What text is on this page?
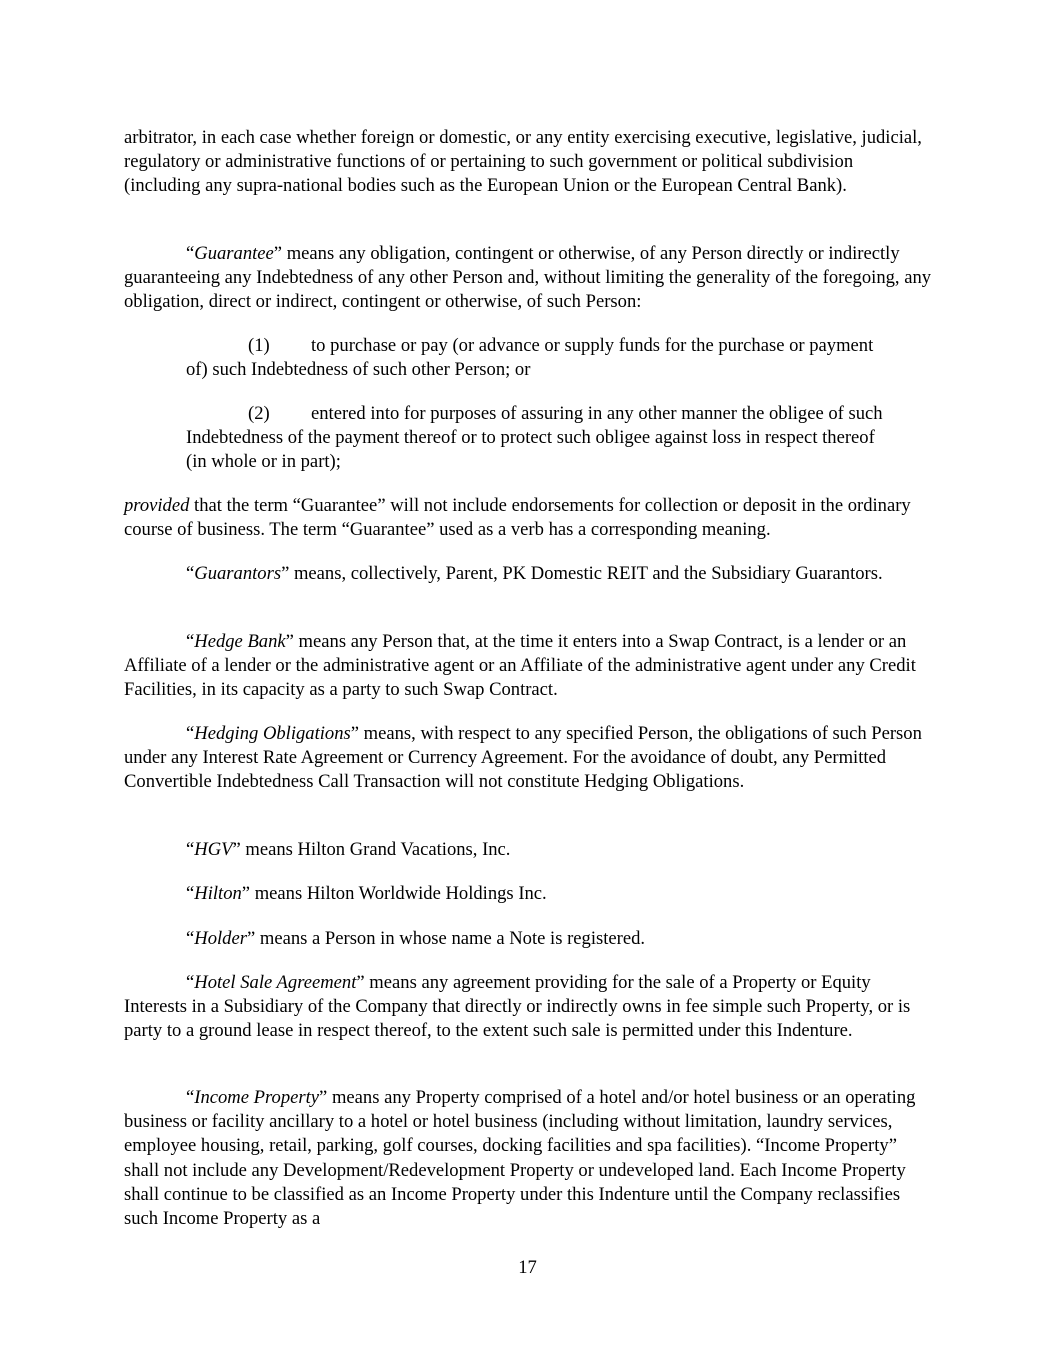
arbitrator, in each case whether foreign or domestic, or any entity exercising executive, legislative, judicial, regulatory or administrative functions of or pertaining to such government or political subdivision (including any supra-national bodies such as the European Union or the European Central Bank).

“Guarantee” means any obligation, contingent or otherwise, of any Person directly or indirectly guaranteeing any Indebtedness of any other Person and, without limiting the generality of the foregoing, any obligation, direct or indirect, contingent or otherwise, of such Person:

(1) to purchase or pay (or advance or supply funds for the purchase or payment of) such Indebtedness of such other Person; or

(2) entered into for purposes of assuring in any other manner the obligee of such Indebtedness of the payment thereof or to protect such obligee against loss in respect thereof (in whole or in part);

provided that the term “Guarantee” will not include endorsements for collection or deposit in the ordinary course of business. The term “Guarantee” used as a verb has a corresponding meaning.

“Guarantors” means, collectively, Parent, PK Domestic REIT and the Subsidiary Guarantors.

“Hedge Bank” means any Person that, at the time it enters into a Swap Contract, is a lender or an Affiliate of a lender or the administrative agent or an Affiliate of the administrative agent under any Credit Facilities, in its capacity as a party to such Swap Contract.

“Hedging Obligations” means, with respect to any specified Person, the obligations of such Person under any Interest Rate Agreement or Currency Agreement. For the avoidance of doubt, any Permitted Convertible Indebtedness Call Transaction will not constitute Hedging Obligations.

“HGV” means Hilton Grand Vacations, Inc.

“Hilton” means Hilton Worldwide Holdings Inc.

“Holder” means a Person in whose name a Note is registered.

“Hotel Sale Agreement” means any agreement providing for the sale of a Property or Equity Interests in a Subsidiary of the Company that directly or indirectly owns in fee simple such Property, or is party to a ground lease in respect thereof, to the extent such sale is permitted under this Indenture.

“Income Property” means any Property comprised of a hotel and/or hotel business or an operating business or facility ancillary to a hotel or hotel business (including without limitation, laundry services, employee housing, retail, parking, golf courses, docking facilities and spa facilities). “Income Property” shall not include any Development/Redevelopment Property or undeveloped land. Each Income Property shall continue to be classified as an Income Property under this Indenture until the Company reclassifies such Income Property as a

17
